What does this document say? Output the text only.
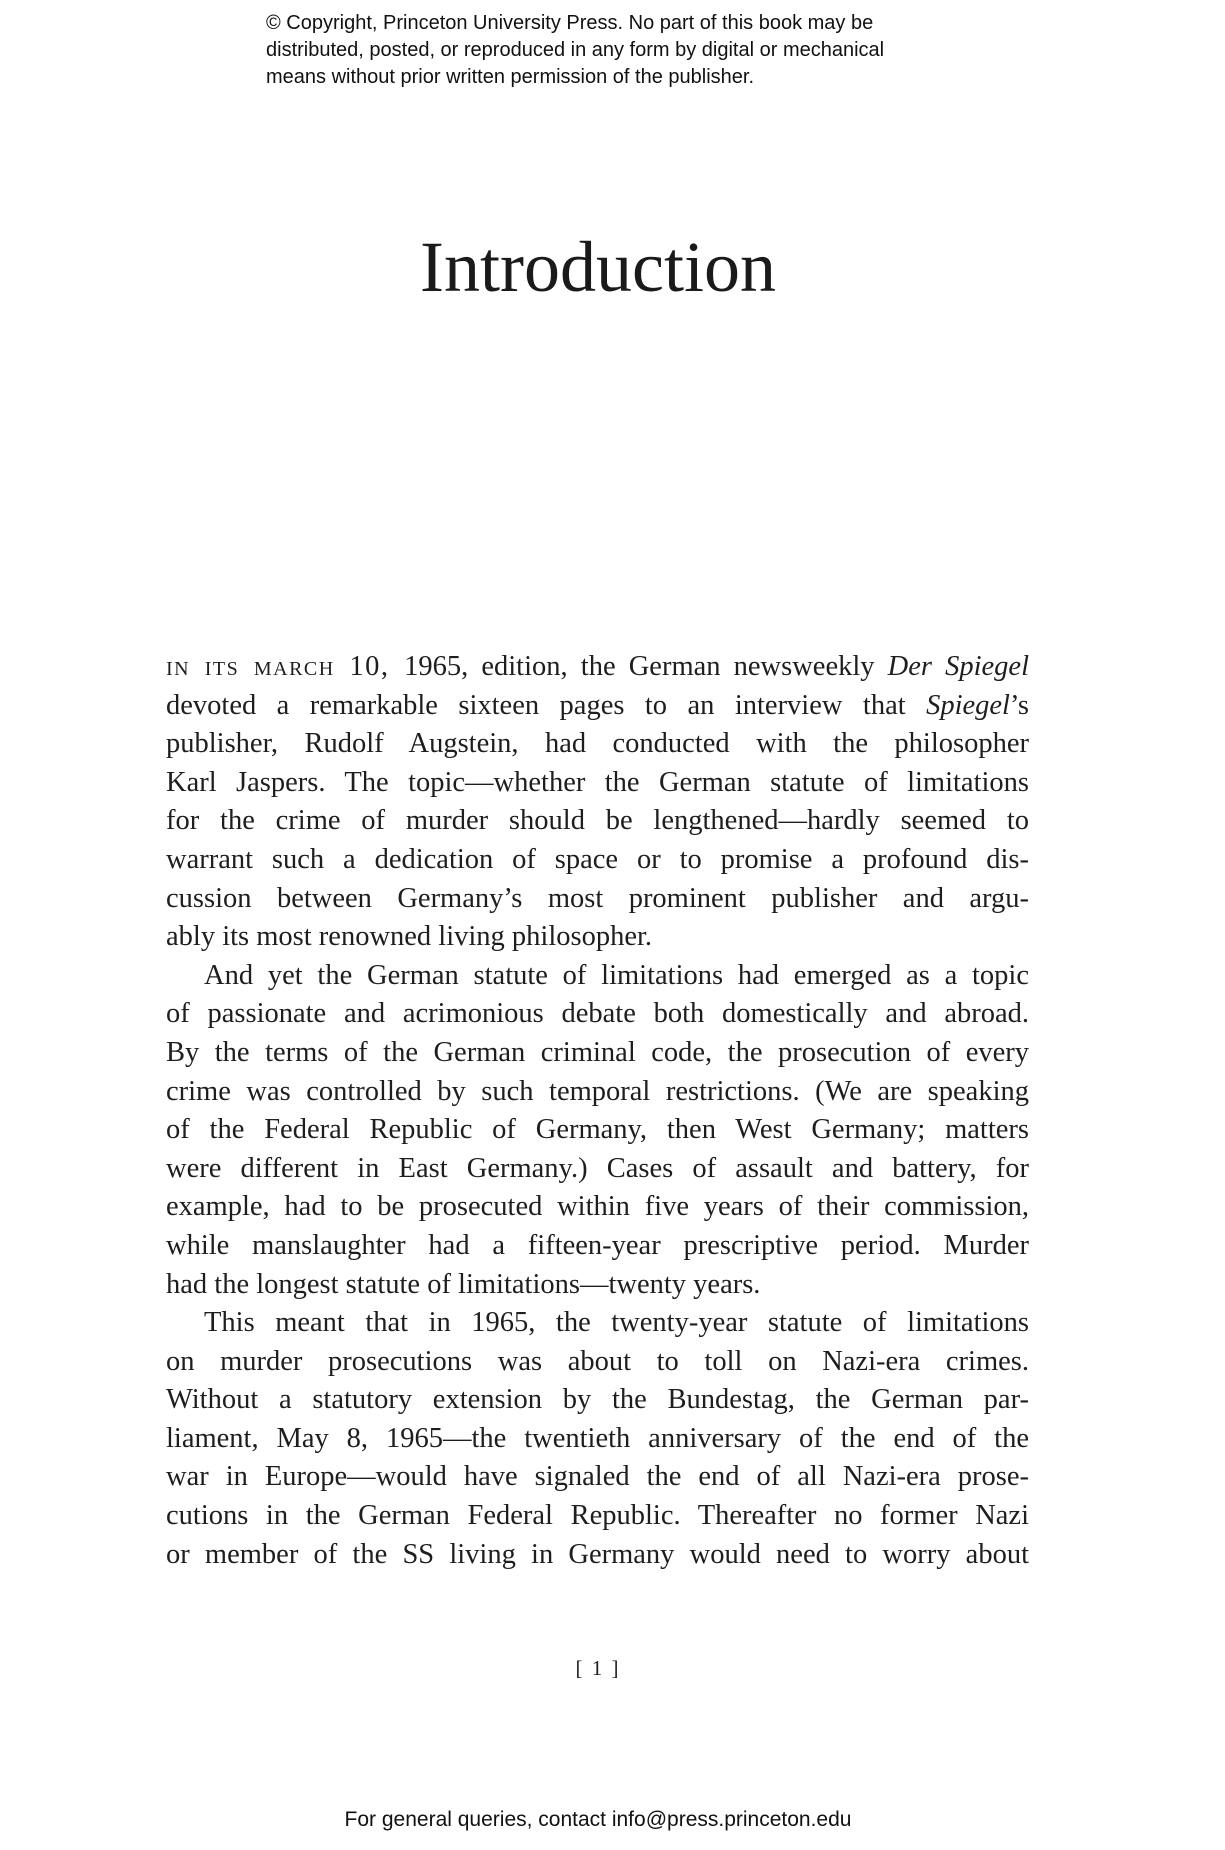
© Copyright, Princeton University Press. No part of this book may be
distributed, posted, or reproduced in any form by digital or mechanical
means without prior written permission of the publisher.
Introduction
in its march 10, 1965, edition, the German newsweekly Der Spiegel
devoted a remarkable sixteen pages to an interview that Spiegel’s
publisher, Rudolf Augstein, had conducted with the philosopher
Karl Jaspers. The topic—whether the German statute of limitations
for the crime of murder should be lengthened—hardly seemed to
warrant such a dedication of space or to promise a profound dis-
cussion between Germany’s most prominent publisher and argu-
ably its most renowned living philosopher.
And yet the German statute of limitations had emerged as a topic
of passionate and acrimonious debate both domestically and abroad.
By the terms of the German criminal code, the prosecution of every
crime was controlled by such temporal restrictions. (We are speaking
of the Federal Republic of Germany, then West Germany; matters
were different in East Germany.) Cases of assault and battery, for
example, had to be prosecuted within five years of their commission,
while manslaughter had a fifteen-year prescriptive period. Murder
had the longest statute of limitations—twenty years.
This meant that in 1965, the twenty-year statute of limitations
on murder prosecutions was about to toll on Nazi-era crimes.
Without a statutory extension by the Bundestag, the German par-
liament, May 8, 1965—the twentieth anniversary of the end of the
war in Europe—would have signaled the end of all Nazi-era prose-
cutions in the German Federal Republic. Thereafter no former Nazi
or member of the SS living in Germany would need to worry about
[ 1 ]
For general queries, contact info@press.princeton.edu
